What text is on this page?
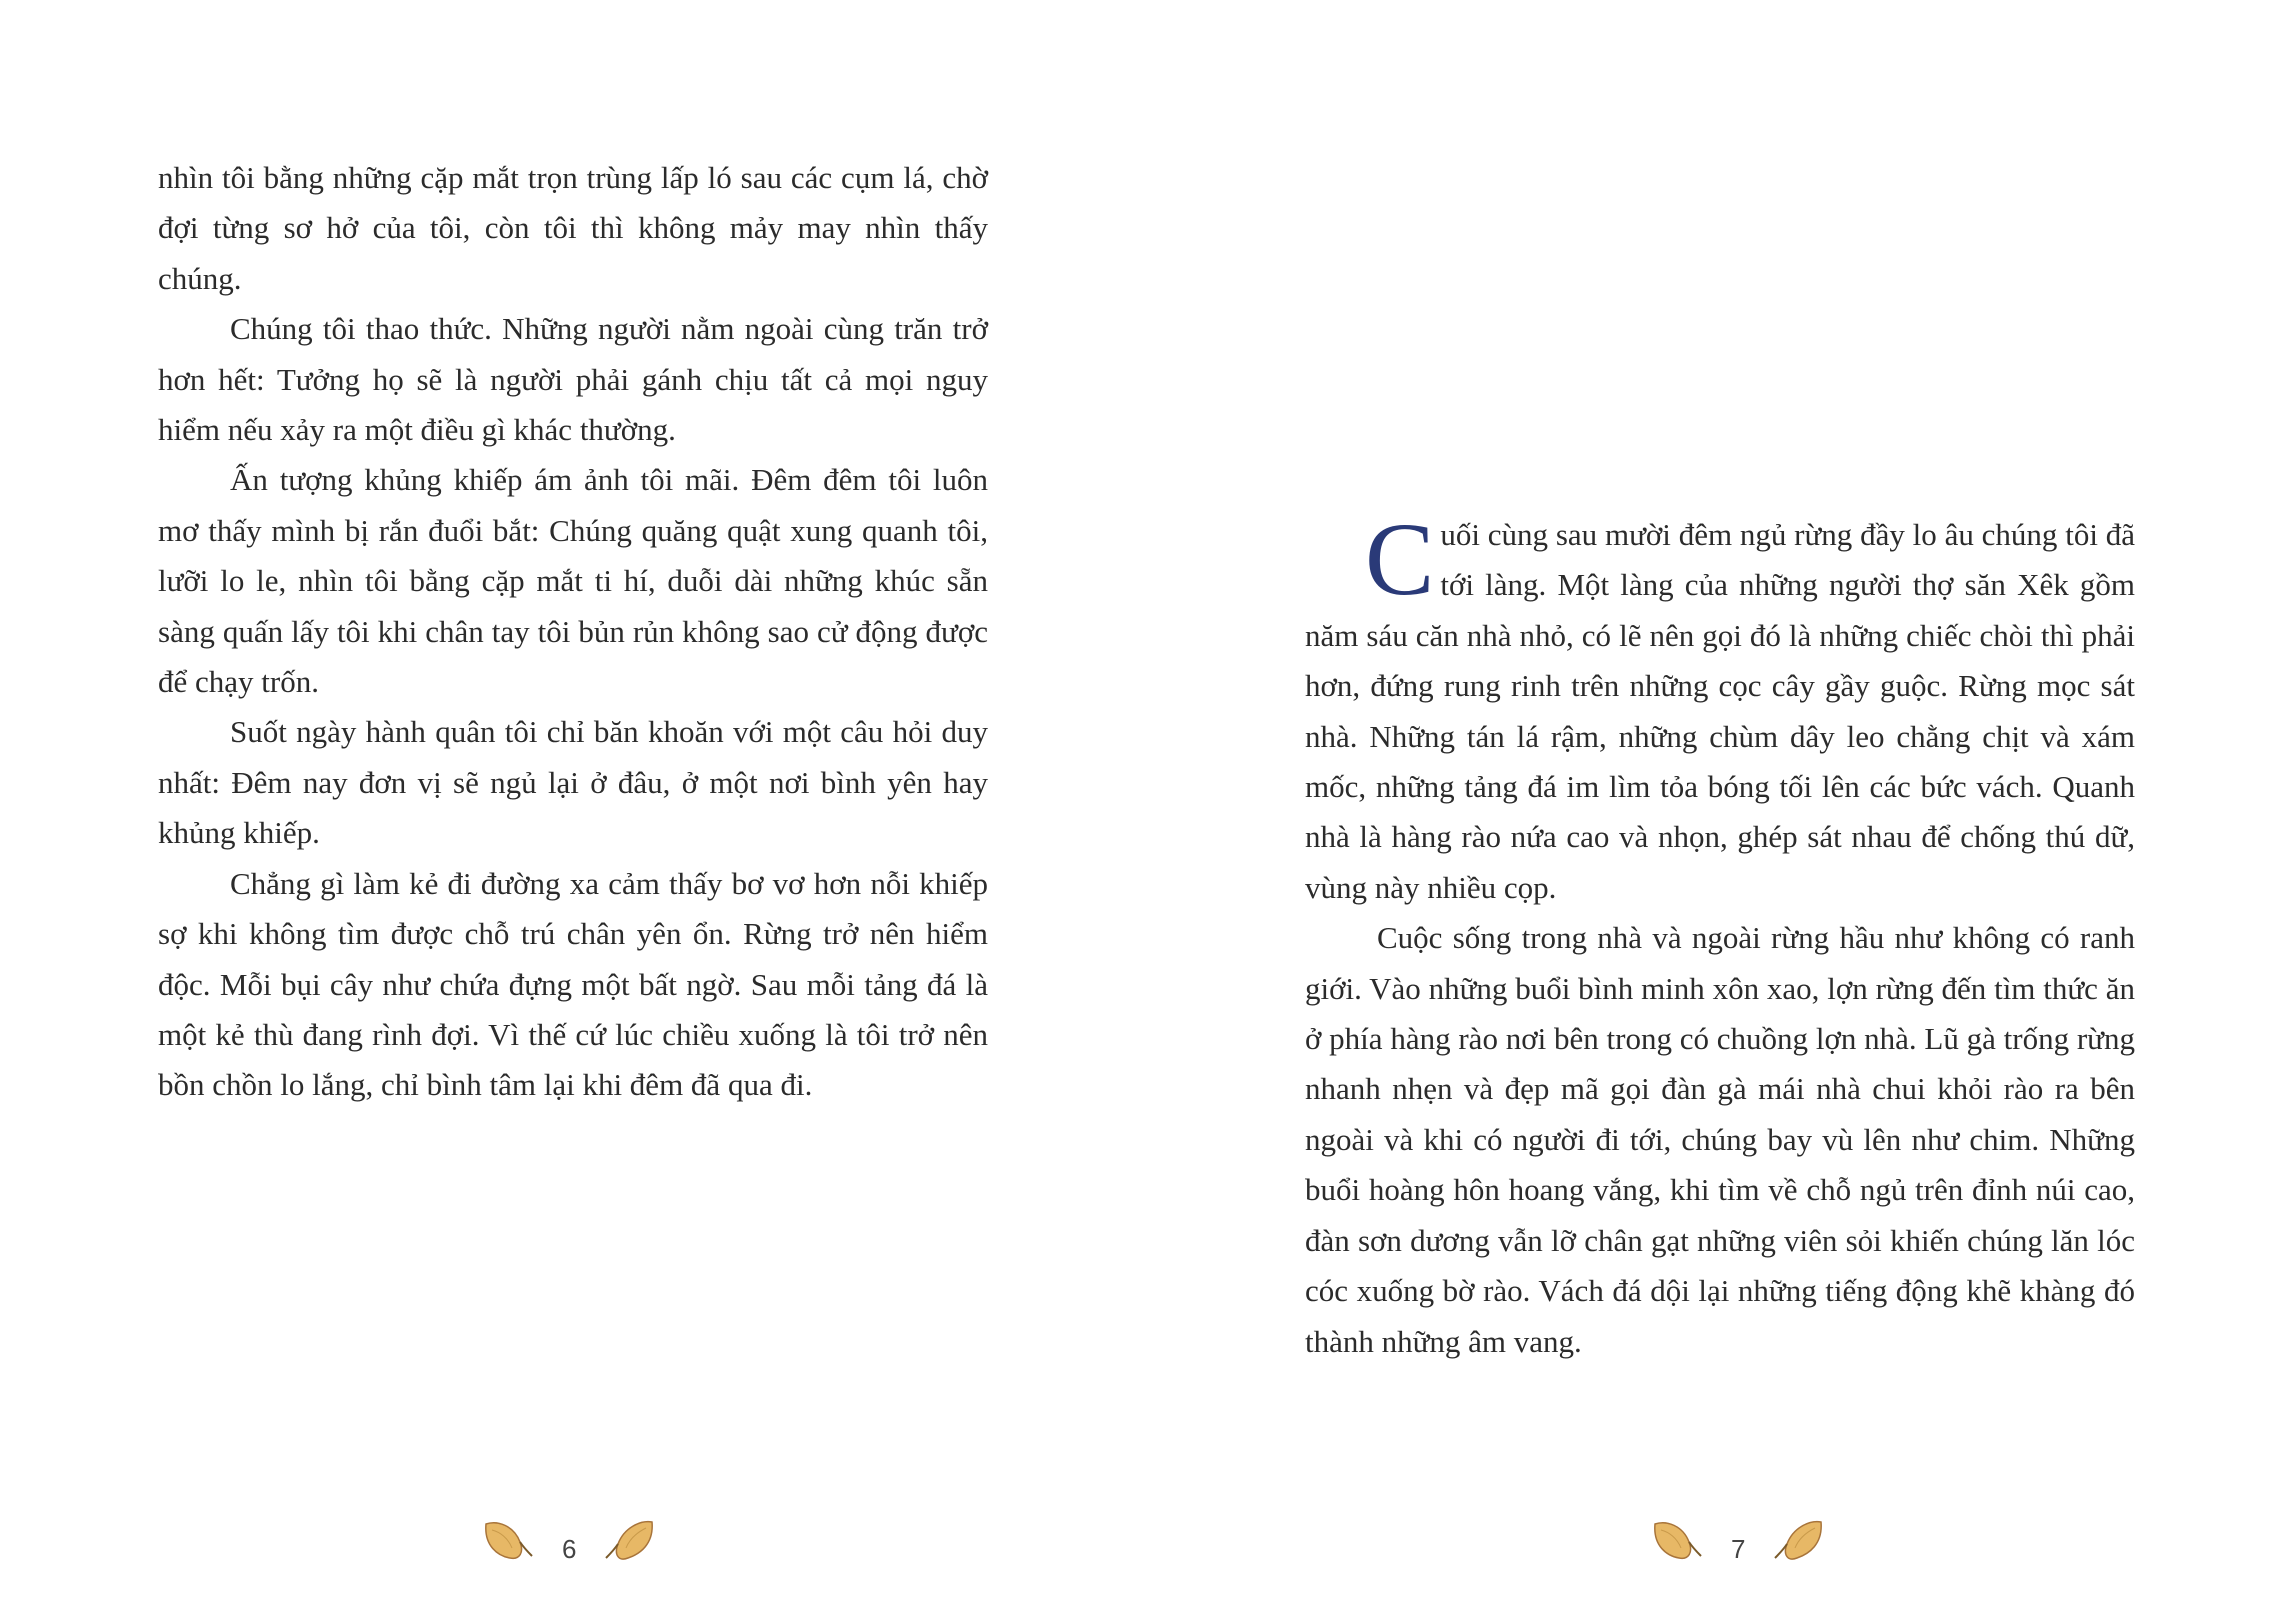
nhìn tôi bằng những cặp mắt trọn trùng lấp ló sau các cụm lá, chờ đợi từng sơ hở của tôi, còn tôi thì không mảy may nhìn thấy chúng.

Chúng tôi thao thức. Những người nằm ngoài cùng trăn trở hơn hết: Tưởng họ sẽ là người phải gánh chịu tất cả mọi nguy hiểm nếu xảy ra một điều gì khác thường.

Ấn tượng khủng khiếp ám ảnh tôi mãi. Đêm đêm tôi luôn mơ thấy mình bị rắn đuổi bắt: Chúng quăng quật xung quanh tôi, lưỡi lo le, nhìn tôi bằng cặp mắt ti hí, duỗi dài những khúc sẵn sàng quấn lấy tôi khi chân tay tôi bủn rủn không sao cử động được để chạy trốn.

Suốt ngày hành quân tôi chỉ băn khoăn với một câu hỏi duy nhất: Đêm nay đơn vị sẽ ngủ lại ở đâu, ở một nơi bình yên hay khủng khiếp.

Chẳng gì làm kẻ đi đường xa cảm thấy bơ vơ hơn nỗi khiếp sợ khi không tìm được chỗ trú chân yên ổn. Rừng trở nên hiểm độc. Mỗi bụi cây như chứa đựng một bất ngờ. Sau mỗi tảng đá là một kẻ thù đang rình đợi. Vì thế cứ lúc chiều xuống là tôi trở nên bồn chồn lo lắng, chỉ bình tâm lại khi đêm đã qua đi.

6

Cuối cùng sau mười đêm ngủ rừng đầy lo âu chúng tôi đã tới làng. Một làng của những người thợ săn Xêk gồm năm sáu căn nhà nhỏ, có lẽ nên gọi đó là những chiếc chòi thì phải hơn, đứng rung rinh trên những cọc cây gầy guộc. Rừng mọc sát nhà. Những tán lá rậm, những chùm dây leo chằng chịt và xám mốc, những tảng đá im lìm tỏa bóng tối lên các bức vách. Quanh nhà là hàng rào nứa cao và nhọn, ghép sát nhau để chống thú dữ, vùng này nhiều cọp.

Cuộc sống trong nhà và ngoài rừng hầu như không có ranh giới. Vào những buổi bình minh xôn xao, lợn rừng đến tìm thức ăn ở phía hàng rào nơi bên trong có chuồng lợn nhà. Lũ gà trống rừng nhanh nhẹn và đẹp mã gọi đàn gà mái nhà chui khỏi rào ra bên ngoài và khi có người đi tới, chúng bay vù lên như chim. Những buổi hoàng hôn hoang vắng, khi tìm về chỗ ngủ trên đỉnh núi cao, đàn sơn dương vẫn lỡ chân gạt những viên sỏi khiến chúng lăn lóc cóc xuống bờ rào. Vách đá dội lại những tiếng động khẽ khàng đó thành những âm vang.

7
